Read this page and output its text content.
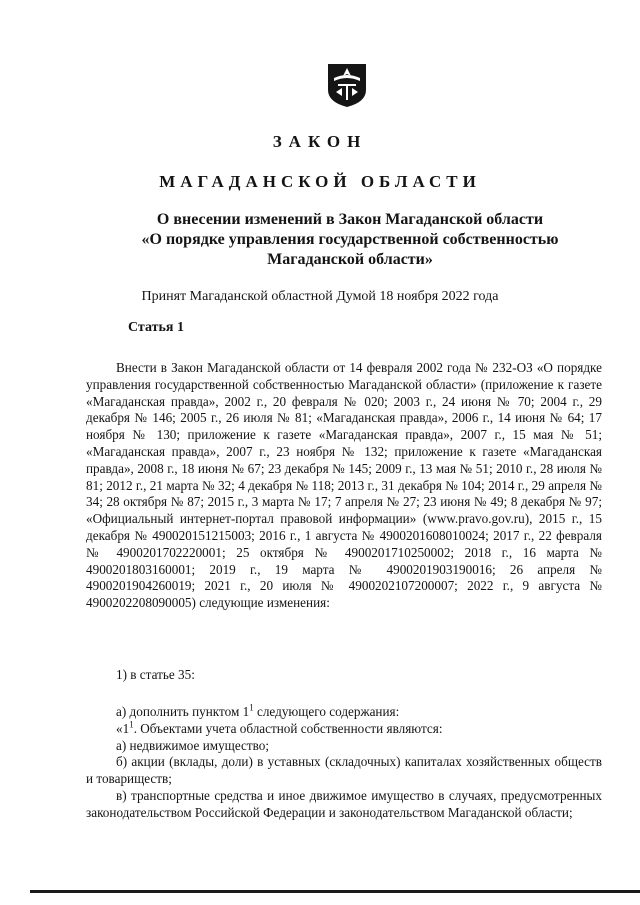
ЗАКОН
МАГАДАНСКОЙ ОБЛАСТИ
О внесении изменений в Закон Магаданской области
«О порядке управления государственной собственностью
Магаданской области»
Принят Магаданской областной Думой 18 ноября 2022 года
Статья 1

Внести в Закон Магаданской области от 14 февраля 2002 года № 232-ОЗ «О порядке управления государственной собственностью Магаданской области» (приложение к газете «Магаданская правда», 2002 г., 20 февраля № 020; 2003 г., 24 июня № 70; 2004 г., 29 декабря № 146; 2005 г., 26 июля № 81; «Магаданская правда», 2006 г., 14 июня № 64; 17 ноября № 130; приложение к газете «Магаданская правда», 2007 г., 15 мая № 51; «Магаданская правда», 2007 г., 23 ноября № 132; приложение к газете «Магаданская правда», 2008 г., 18 июня № 67; 23 декабря № 145; 2009 г., 13 мая № 51; 2010 г., 28 июля № 81; 2012 г., 21 марта № 32; 4 декабря № 118; 2013 г., 31 декабря № 104; 2014 г., 29 апреля № 34; 28 октября № 87; 2015 г., 3 марта № 17; 7 апреля № 27; 23 июня № 49; 8 декабря № 97; «Официальный интернет-портал правовой информации» (www.pravo.gov.ru), 2015 г., 15 декабря № 490020151215003; 2016 г., 1 августа № 4900201608010024; 2017 г., 22 февраля № 4900201702220001; 25 октября № 4900201710250002; 2018 г., 16 марта № 4900201803160001; 2019 г., 19 марта № 4900201903190016; 26 апреля № 4900201904260019; 2021 г., 20 июля № 4900202107200007; 2022 г., 9 августа № 4900202208090005) следующие изменения:

1) в статье 35:

а) дополнить пунктом $1^1$ следующего содержания:

«$1^1$. Объектами учета областной собственности являются:

а) недвижимое имущество;

б) акции (вклады, доли) в уставных (складочных) капиталах хозяйственных обществ и товариществ;

в) транспортные средства и иное движимое имущество в случаях, предусмотренных законодательством Российской Федерации и законодательством Магаданской области;
